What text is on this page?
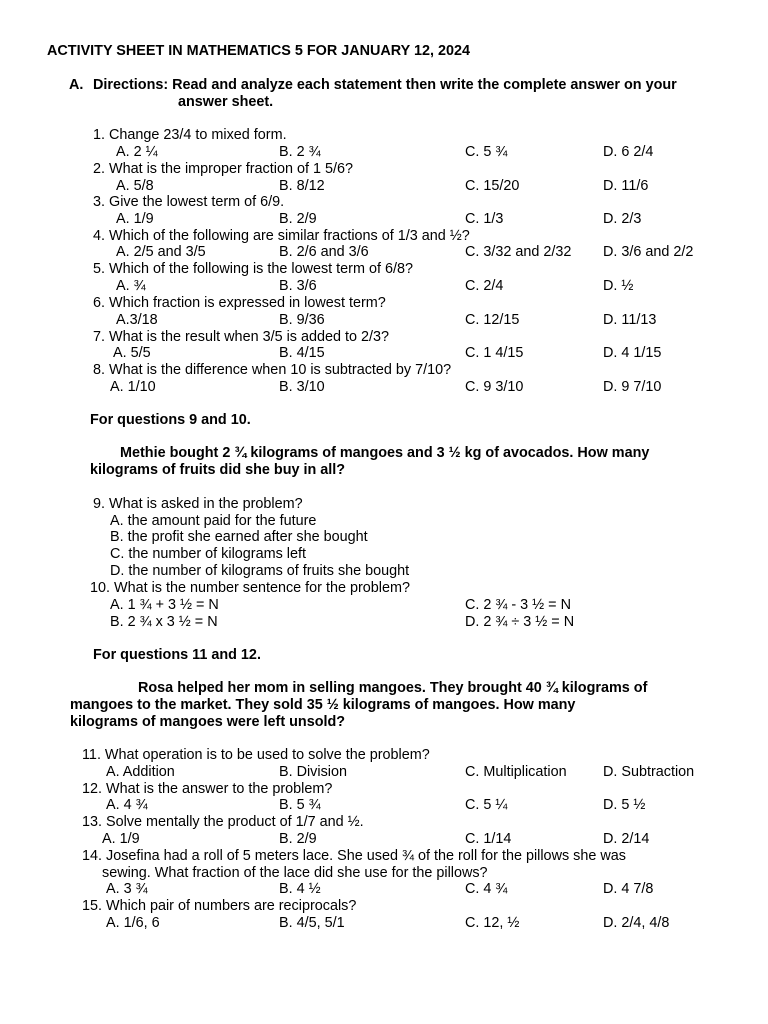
ACTIVITY SHEET IN MATHEMATICS 5 FOR JANUARY 12, 2024
A. Directions: Read and analyze each statement then write the complete answer on your
answer sheet.
1. Change 23/4 to mixed form.
A. 2 ¼	B. 2 ¾	C. 5 ¾	D. 6 2/4
2. What is the improper fraction of 1 5/6?
A. 5/8	B. 8/12	C. 15/20	D. 11/6
3. Give the lowest term of 6/9.
A. 1/9	B. 2/9	C. 1/3	D. 2/3
4. Which of the following are similar fractions of 1/3 and ½?
A. 2/5 and 3/5	B. 2/6 and 3/6	C. 3/32 and 2/32 D. 3/6 and 2/2
5. Which of the following is the lowest term of 6/8?
A. ¾	B. 3/6	C. 2/4	D. ½
6. Which fraction is expressed in lowest term?
A.3/18	B. 9/36	C. 12/15	D. 11/13
7. What is the result when 3/5 is added to 2/3?
A. 5/5	B. 4/15	C. 1 4/15	D. 4 1/15
8. What is the difference when 10 is subtracted by 7/10?
A. 1/10	B. 3/10	C. 9 3/10	D. 9 7/10
For questions 9 and 10.
Methie bought 2 ¾ kilograms of mangoes and 3 ½ kg of avocados. How many
kilograms of fruits did she buy in all?
9. What is asked in the problem?
A. the amount paid for the future
B. the profit she earned after she bought
C. the number of kilograms left
D. the number of kilograms of fruits she bought
10. What is the number sentence for the problem?
A. 1 ¾ + 3 ½ = N	C. 2 ¾ - 3 ½ = N
B. 2 ¾ x 3 ½ = N	D. 2 ¾ ÷ 3 ½ = N
For questions 11 and 12.
Rosa helped her mom in selling mangoes. They brought 40 ¾ kilograms of
mangoes to the market. They sold 35 ½ kilograms of mangoes. How many
kilograms of mangoes were left unsold?
11. What operation is to be used to solve the problem?
A. Addition	B. Division	C. Multiplication	D. Subtraction
12. What is the answer to the problem?
A. 4 ¾	B. 5 ¾	C. 5 ¼	D. 5 ½
13. Solve mentally the product of 1/7 and ½.
A. 1/9	B. 2/9	C. 1/14	D. 2/14
14. Josefina had a roll of 5 meters lace. She used ¾ of the roll for the pillows she was
sewing. What fraction of the lace did she use for the pillows?
A. 3 ¾	B. 4 ½	C. 4 ¾	D. 4 7/8
15. Which pair of numbers are reciprocals?
A. 1/6, 6	B. 4/5, 5/1	C. 12, ½	D. 2/4, 4/8
